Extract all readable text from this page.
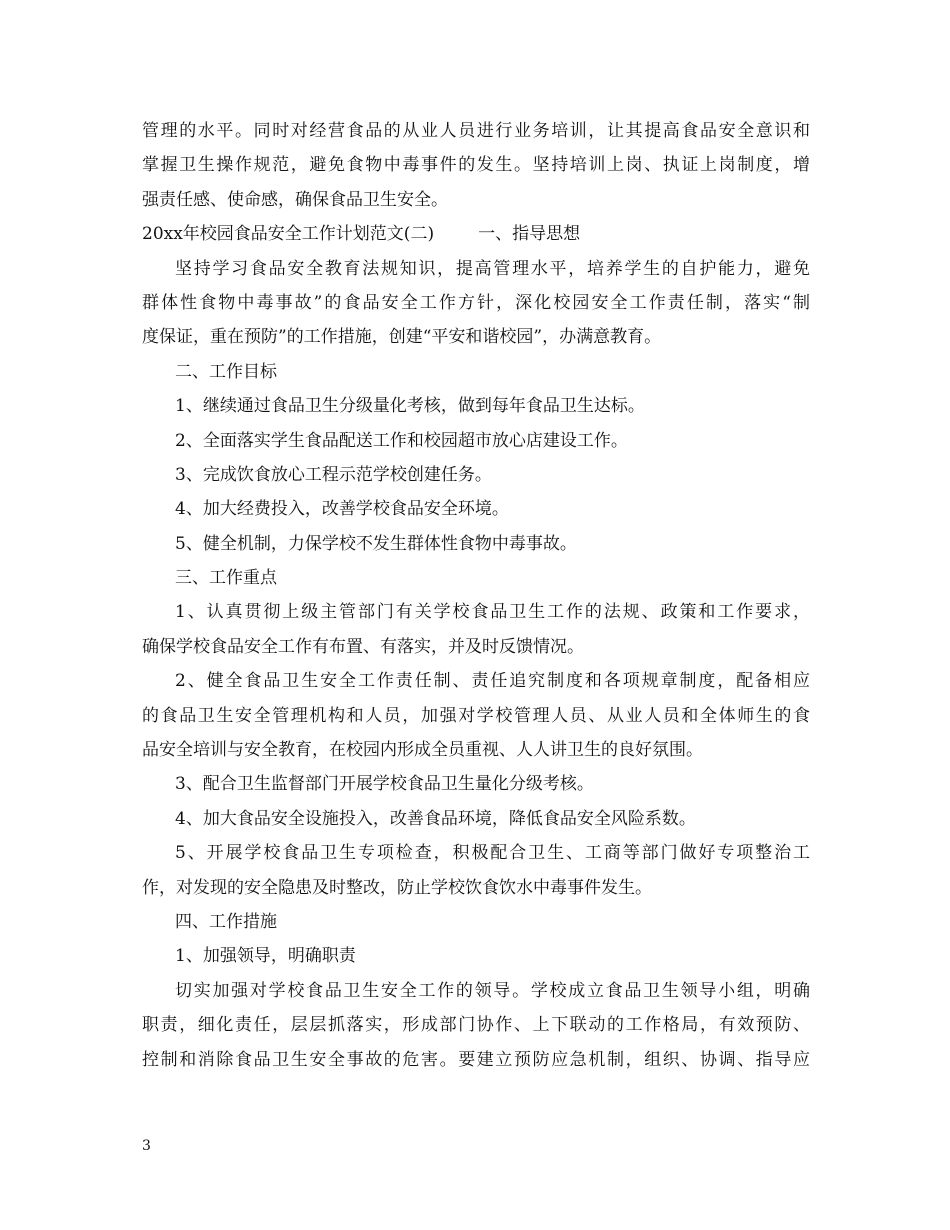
管理的水平。同时对经营食品的从业人员进行业务培训，让其提高食品安全意识和
掌握卫生操作规范，避免食物中毒事件的发生。坚持培训上岗、执证上岗制度，增
强责任感、使命感，确保食品卫生安全。
20xx年校园食品安全工作计划范文(二)	一、指导思想
坚持学习食品安全教育法规知识，提高管理水平，培养学生的自护能力，避免
群体性食物中毒事故”的食品安全工作方针，深化校园安全工作责任制，落实“制
度保证，重在预防”的工作措施，创建“平安和谐校园”，办满意教育。
二、工作目标
1、继续通过食品卫生分级量化考核，做到每年食品卫生达标。
2、全面落实学生食品配送工作和校园超市放心店建设工作。
3、完成饮食放心工程示范学校创建任务。
4、加大经费投入，改善学校食品安全环境。
5、健全机制，力保学校不发生群体性食物中毒事故。
三、工作重点
1、认真贯彻上级主管部门有关学校食品卫生工作的法规、政策和工作要求，
确保学校食品安全工作有布置、有落实，并及时反馈情况。
2、健全食品卫生安全工作责任制、责任追究制度和各项规章制度，配备相应
的食品卫生安全管理机构和人员，加强对学校管理人员、从业人员和全体师生的食
品安全培训与安全教育，在校园内形成全员重视、人人讲卫生的良好氛围。
3、配合卫生监督部门开展学校食品卫生量化分级考核。
4、加大食品安全设施投入，改善食品环境，降低食品安全风险系数。
5、开展学校食品卫生专项检查，积极配合卫生、工商等部门做好专项整治工
作，对发现的安全隐患及时整改，防止学校饮食饮水中毒事件发生。
四、工作措施
1、加强领导，明确职责
切实加强对学校食品卫生安全工作的领导。学校成立食品卫生领导小组，明确
职责，细化责任，层层抓落实，形成部门协作、上下联动的工作格局，有效预防、
控制和消除食品卫生安全事故的危害。要建立预防应急机制，组织、协调、指导应
3
